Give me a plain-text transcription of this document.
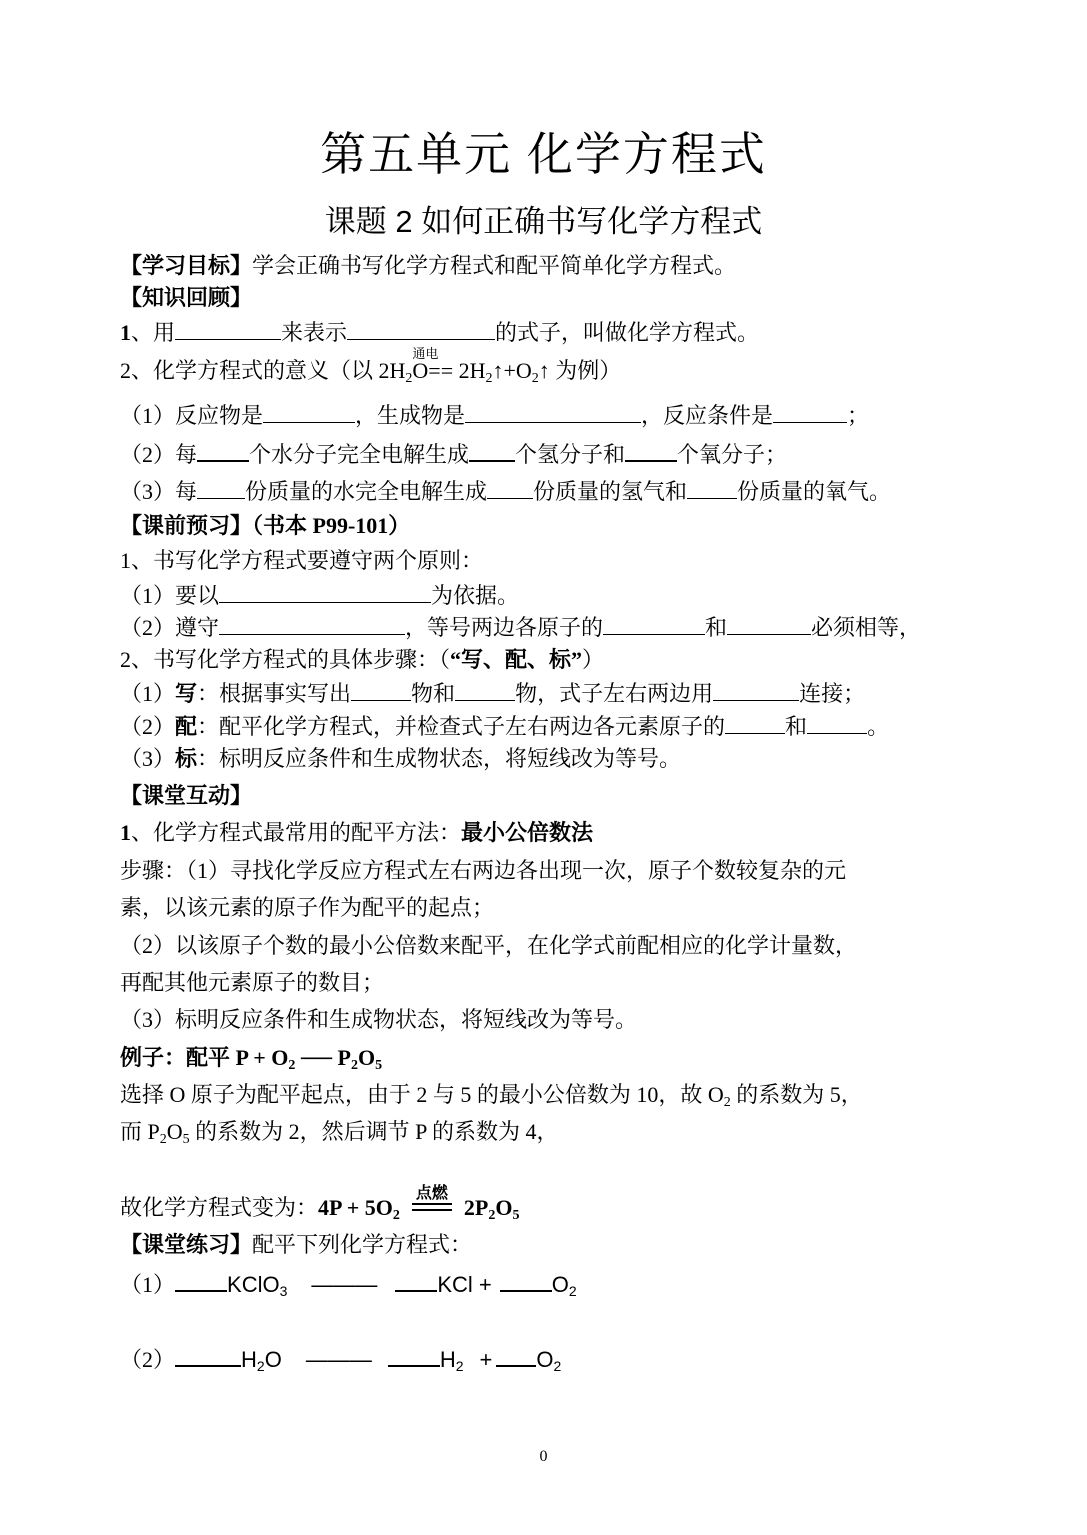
第五单元 化学方程式
课题 2 如何正确书写化学方程式
【学习目标】学会正确书写化学方程式和配平简单化学方程式。
【知识回顾】
1、用	来表示	的式子，叫做化学方程式。
2、化学方程式的意义（以 $2H_2$
通电
$O== 2H_2↑+O_2↑$ 为例）
（1）反应物是	，生成物是	，反应条件是	；
（2）每 个水分子完全电解生成 个氢分子和 个氧分子；
（3）每 份质量的水完全电解生成 份质量的氢气和 份质量的氧气。
【课前预习】（书本 P99-101）
1、书写化学方程式要遵守两个原则：
（1）要以	为依据。
（2）遵守	，等号两边各原子的	和	必须相等，
2、书写化学方程式的具体步骤：（“写、配、标”）
（1）写：根据事实写出	物和	物，式子左右两边用	连接；
（2）配：配平化学方程式，并检查式子左右两边各元素原子的	和	。
（3）标：标明反应条件和生成物状态，将短线改为等号。
【课堂互动】
1、化学方程式最常用的配平方法：最小公倍数法
步骤：（1）寻找化学反应方程式左右两边各出现一次，原子个数较复杂的元
素，以该元素的原子作为配平的起点；
（2）以该原子个数的最小公倍数来配平，在化学式前配相应的化学计量数，
再配其他元素原子的数目；
（3）标明反应条件和生成物状态，将短线改为等号。
例子：配平 $P + O_2$ ── $P_2O_5$
选择 O 原子为配平起点，由于 2 与 5 的最小公倍数为 10，故 $O_2$ 的系数为 5，
而 $P_2O_5$ 的系数为 2，然后调节 P 的系数为 4，
故化学方程式变为：$4P + 5O_2$
点燃
$2P_2O_5$
【课堂练习】配平下列化学方程式：
（1） KClO$_3$ ———	KCl +	$O_2$
（2）	$H_2O$ ———	$H_2 + O_2$
0
